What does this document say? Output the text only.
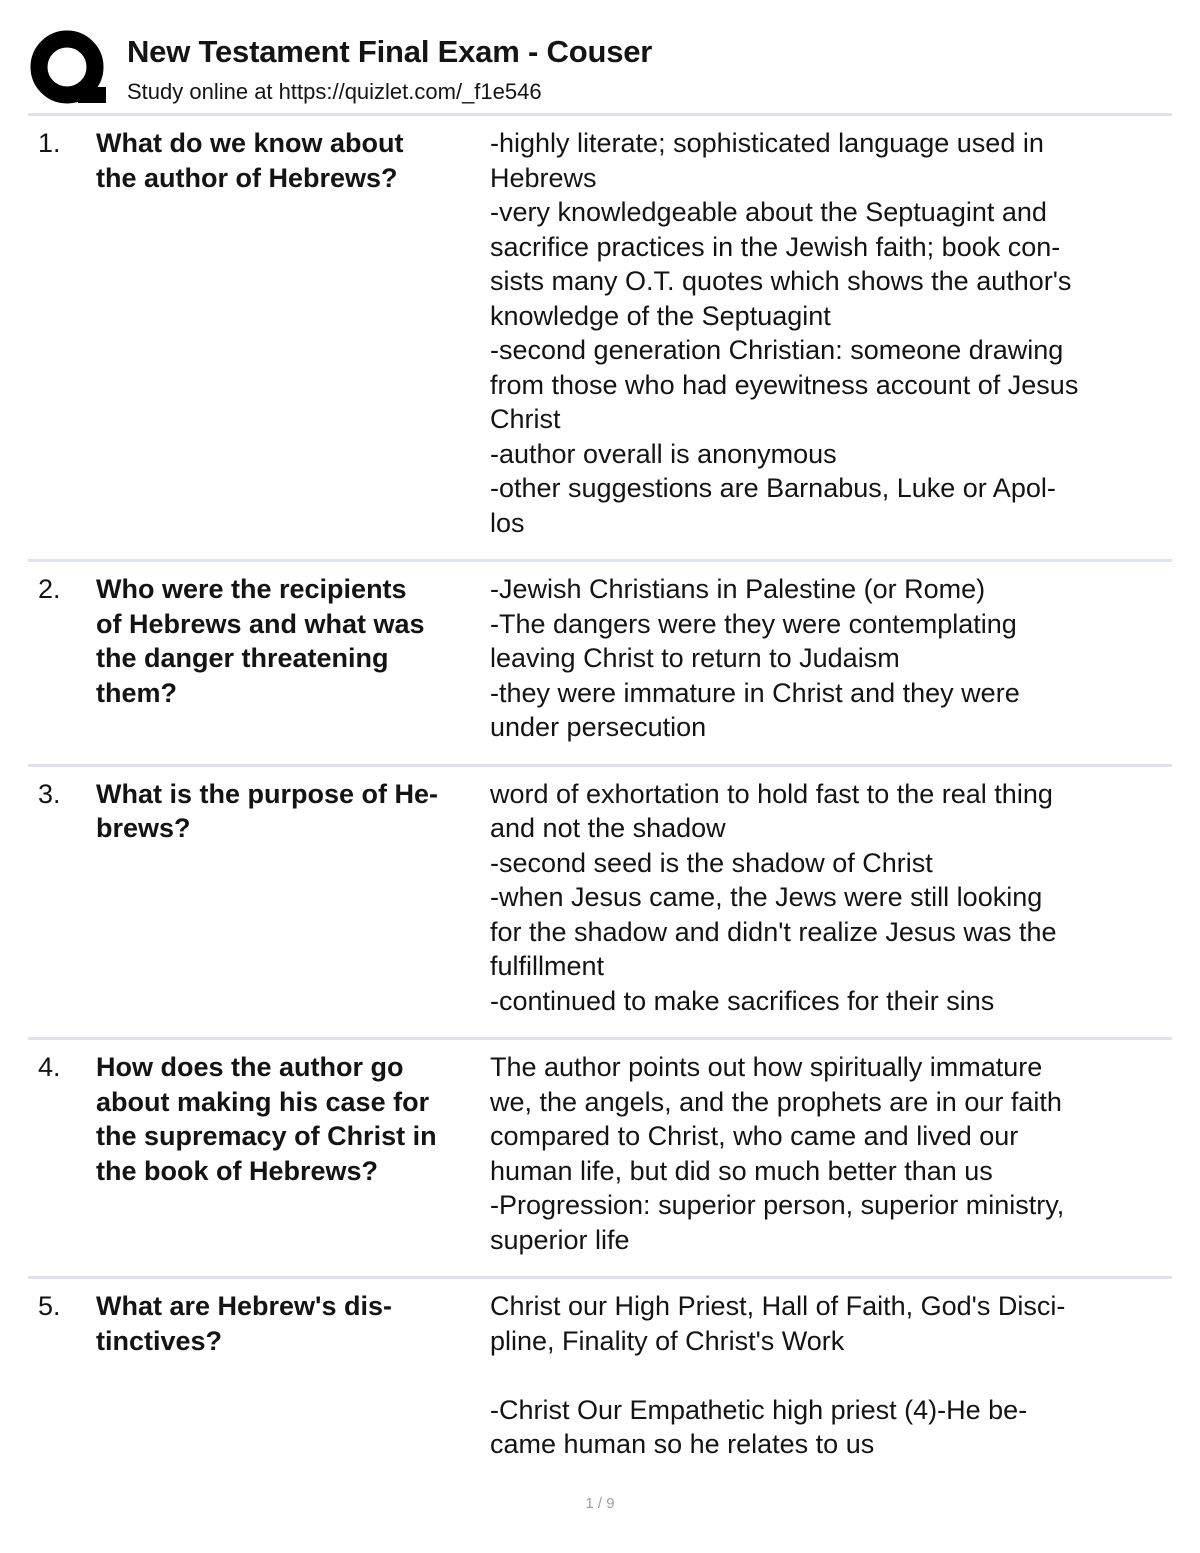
New Testament Final Exam - Couser
Study online at https://quizlet.com/_f1e546
1. What do we know about
the author of Hebrews?
-highly literate; sophisticated language used in
Hebrews
-very knowledgeable about the Septuagint and
sacrifice practices in the Jewish faith; book con-
sists many O.T. quotes which shows the author's
knowledge of the Septuagint
-second generation Christian: someone drawing
from those who had eyewitness account of Jesus
Christ
-author overall is anonymous
-other suggestions are Barnabus, Luke or Apol-
los
2. Who were the recipients
of Hebrews and what was
the danger threatening
them?
-Jewish Christians in Palestine (or Rome)
-The dangers were they were contemplating
leaving Christ to return to Judaism
-they were immature in Christ and they were
under persecution
3. What is the purpose of He-
brews?
word of exhortation to hold fast to the real thing
and not the shadow
-second seed is the shadow of Christ
-when Jesus came, the Jews were still looking
for the shadow and didn't realize Jesus was the
fulfillment
-continued to make sacrifices for their sins
4. How does the author go
about making his case for
the supremacy of Christ in
the book of Hebrews?
The author points out how spiritually immature
we, the angels, and the prophets are in our faith
compared to Christ, who came and lived our
human life, but did so much better than us
-Progression: superior person, superior ministry,
superior life
5. What are Hebrew's dis-
tinctives?
Christ our High Priest, Hall of Faith, God's Disci-
pline, Finality of Christ's Work

-Christ Our Empathetic high priest (4)-He be-
came human so he relates to us
1 / 9
